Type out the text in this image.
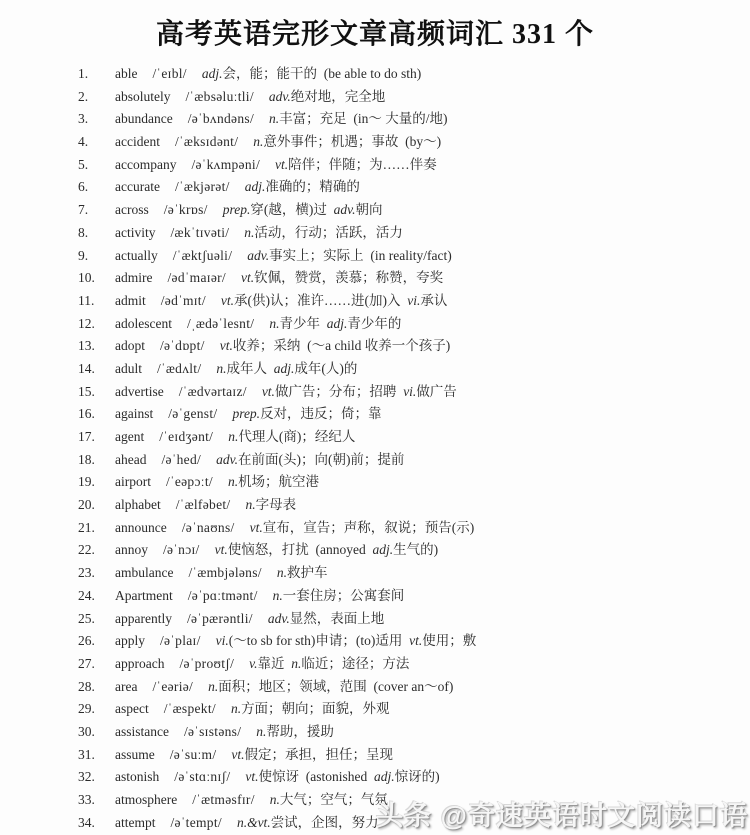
高考英语完形文章高频词汇 331 个
1.	able /ˈeɪbl/ adj.会，能；能干的  (be able to do sth)
2.	absolutely /ˈæbsəluːtli/ adv.绝对地，完全地
3.	abundance /əˈbʌndəns/ n.丰富；充足  (in～ 大量的/地)
4.	accident /ˈæksɪdənt/ n.意外事件；机遇；事故  (by～)
5.	accompany /əˈkʌmpəni/ vt.陪伴；伴随；为……伴奏
6.	accurate /ˈækjərət/ adj.准确的；精确的
7.	across /əˈkrɒs/ prep.穿(越，横)过  adv.朝向
8.	activity /ækˈtɪvəti/ n.活动，行动；活跃，活力
9.	actually /ˈæktʃuəli/ adv.事实上；实际上  (in reality/fact)
10.	admire /ədˈmaɪər/ vt.钦佩，赞赏，羡慕；称赞，夸奖
11.	admit /ədˈmɪt/ vt.承(供)认；准许……进(加)入  vi.承认
12.	adolescent /ˌædəˈlesnt/ n.青少年  adj.青少年的
13.	adopt /əˈdɒpt/ vt.收养；采纳  (～a child 收养一个孩子)
14.	adult /ˈædʌlt/ n.成年人  adj.成年(人)的
15.	advertise /ˈædvərtaɪz/ vt.做广告；分布；招聘  vi.做广告
16.	against /əˈgenst/ prep.反对，违反；倚；靠
17.	agent /ˈeɪdʒənt/ n.代理人(商)；经纪人
18.	ahead /əˈhed/ adv.在前面(头)；向(朝)前；提前
19.	airport /ˈeəpɔːt/ n.机场；航空港
20.	alphabet /ˈælfəbet/ n.字母表
21.	announce /əˈnaʊns/ vt.宣布，宣告；声称，叙说；预告(示)
22.	annoy /əˈnɔɪ/ vt.使恼怒，打扰  (annoyed  adj.生气的)
23.	ambulance /ˈæmbjələns/ n.救护车
24.	Apartment /əˈpɑːtmənt/ n.一套住房；公寓套间
25.	apparently /əˈpærəntli/ adv.显然，表面上地
26.	apply /əˈplaɪ/ vi.(～to sb for sth)申请；(to)适用  vt.使用；敷
27.	approach /əˈproʊtʃ/ v.靠近  n.临近；途径；方法
28.	area /ˈeəriə/ n.面积；地区；领域，范围  (cover an～of)
29.	aspect /ˈæspekt/ n.方面；朝向；面貌，外观
30.	assistance /əˈsɪstəns/ n.帮助，援助
31.	assume /əˈsuːm/ vt.假定；承担，担任；呈现
32.	astonish /əˈstɑːnɪʃ/ vt.使惊讶  (astonished  adj.惊讶的)
33.	atmosphere /ˈætməsfɪr/ n.大气；空气；气氛
34.	attempt /əˈtempt/ n.&vt.尝试，企图，努力
头条 @奇速英语时文阅读口语
